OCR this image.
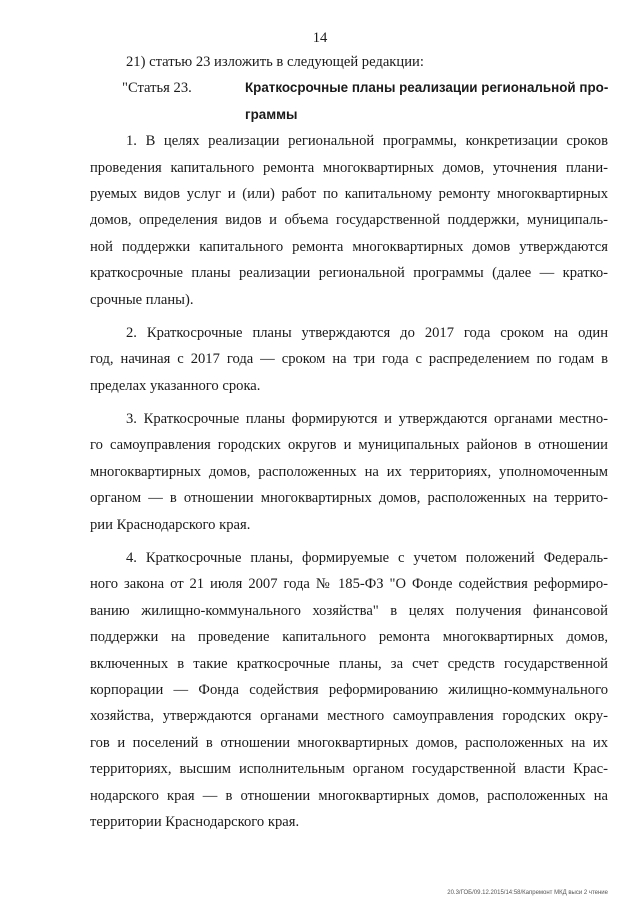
14
21) статью 23 изложить в следующей редакции:
"Статья 23.	Краткосрочные планы реализации региональной про-
граммы
1. В целях реализации региональной программы, конкретизации сроков
проведения капитального ремонта многоквартирных домов, уточнения плани-
руемых видов услуг и (или) работ по капитальному ремонту многоквартирных
домов, определения видов и объема государственной поддержки, муниципаль-
ной поддержки капитального ремонта многоквартирных домов утверждаются
краткосрочные планы реализации региональной программы (далее — кратко-
срочные планы).
2. Краткосрочные планы утверждаются до 2017 года сроком на один
год, начиная с 2017 года — сроком на три года с распределением по годам в
пределах указанного срока.
3. Краткосрочные планы формируются и утверждаются органами местно-
го самоуправления городских округов и муниципальных районов в отношении
многоквартирных домов, расположенных на их территориях, уполномоченным
органом — в отношении многоквартирных домов, расположенных на террито-
рии Краснодарского края.
4. Краткосрочные планы, формируемые с учетом положений Федераль-
ного закона от 21 июля 2007 года № 185-ФЗ "О Фонде содействия реформиро-
ванию жилищно-коммунального хозяйства" в целях получения финансовой
поддержки на проведение капитального ремонта многоквартирных домов,
включенных в такие краткосрочные планы, за счет средств государственной
корпорации — Фонда содействия реформированию жилищно-коммунального
хозяйства, утверждаются органами местного самоуправления городских окру-
гов и поселений в отношении многоквартирных домов, расположенных на их
территориях, высшим исполнительным органом государственной власти Крас-
нодарского края — в отношении многоквартирных домов, расположенных на
территории Краснодарского края.
20.3/ГОБ/09.12.2015/14:58/Капремонт МКД выси 2 чтение
